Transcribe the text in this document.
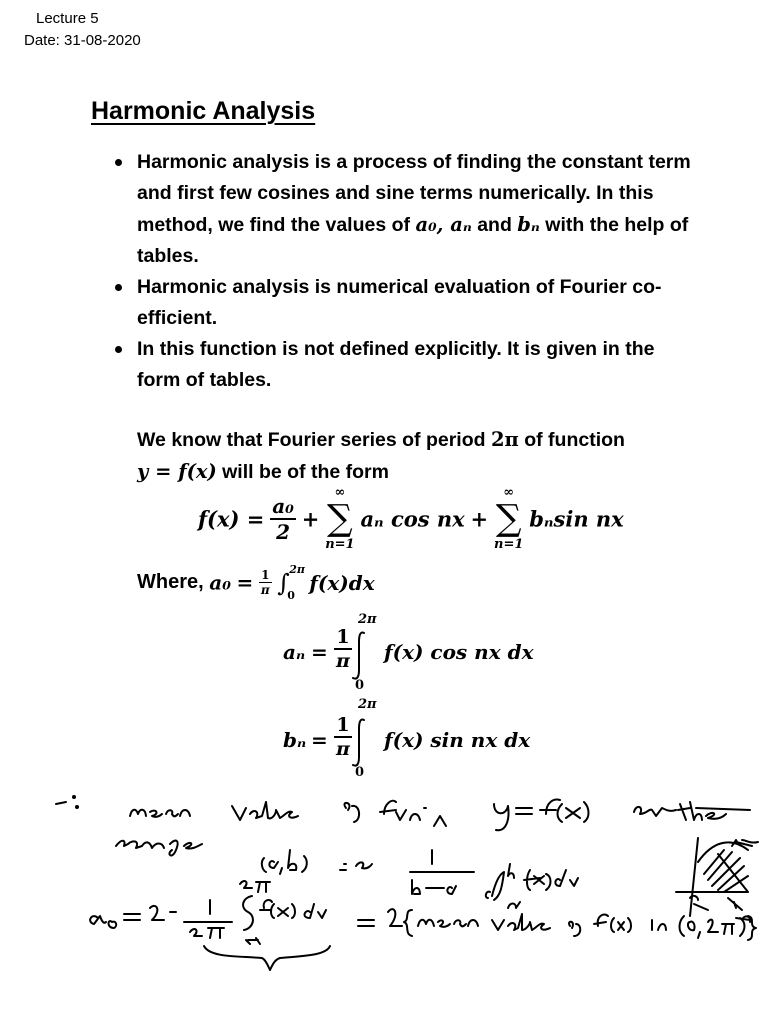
Lecture 5
Date: 31-08-2020
Harmonic Analysis
Harmonic analysis is a process of finding the constant term and first few cosines and sine terms numerically. In this method, we find the values of a₀, aₙ and bₙ with the help of tables.
Harmonic analysis is numerical evaluation of Fourier co-efficient.
In this function is not defined explicitly. It is given in the form of tables.
We know that Fourier series of period 2π of function
y = f(x) will be of the form
$f(x) = \frac{\text{a₀}}{2}$ +
∞
∑
n=1
aₙ cos nx +
∞
∑
n=1
bₙsin nx
Where, $a_0 = \frac{1}{\pi}$ ∫ 2π
0
f(x)dx
$a_n = \frac{1}{\pi}$
2π
0
f(x) cos nx dx
$b_n = \frac{1}{\pi}$
2π
0
f(x) sin nx dx
